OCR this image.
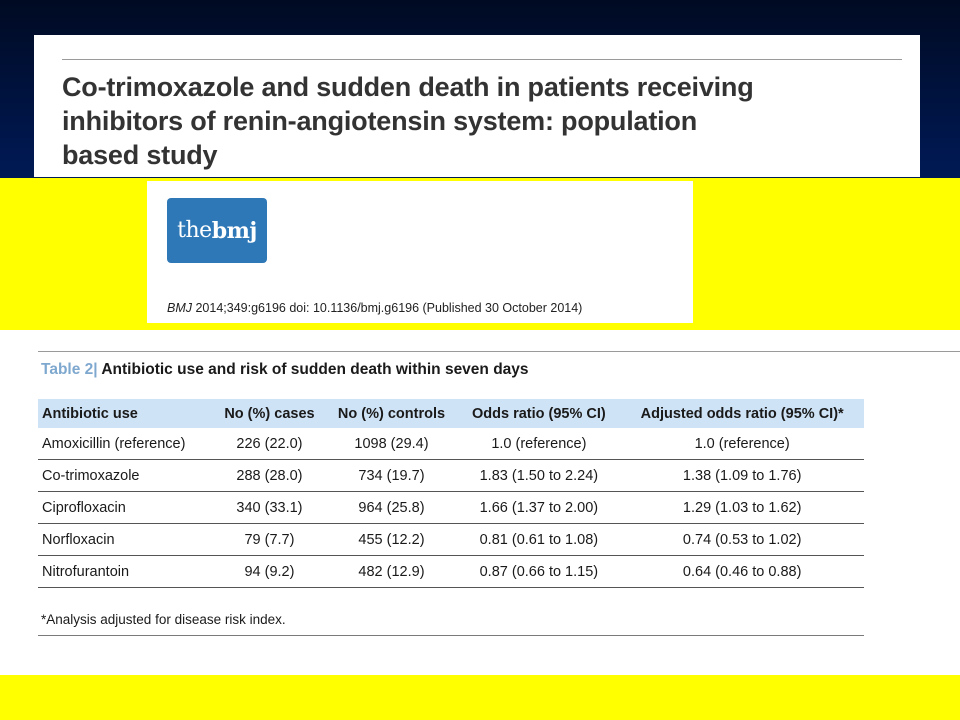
Co-trimoxazole and sudden death in patients receiving
inhibitors of renin-angiotensin system: population
based study
the bmj
BMJ 2014;349:g6196 doi: 10.1136/bmj.g6196 (Published 30 October 2014)
Table 2| Antibiotic use and risk of sudden death within seven days
Antibiotic use	No (%) cases	No (%) controls	Odds ratio (95% CI)	Adjusted odds ratio (95% CI)*
Amoxicillin (reference)	226 (22.0)	1098 (29.4)	1.0 (reference)	1.0 (reference)
Co-trimoxazole	288 (28.0)	734 (19.7)	1.83 (1.50 to 2.24)	1.38 (1.09 to 1.76)
Ciprofloxacin	340 (33.1)	964 (25.8)	1.66 (1.37 to 2.00)	1.29 (1.03 to 1.62)
Norfloxacin	79 (7.7)	455 (12.2)	0.81 (0.61 to 1.08)	0.74 (0.53 to 1.02)
Nitrofurantoin	94 (9.2)	482 (12.9)	0.87 (0.66 to 1.15)	0.64 (0.46 to 0.88)
*Analysis adjusted for disease risk index.
